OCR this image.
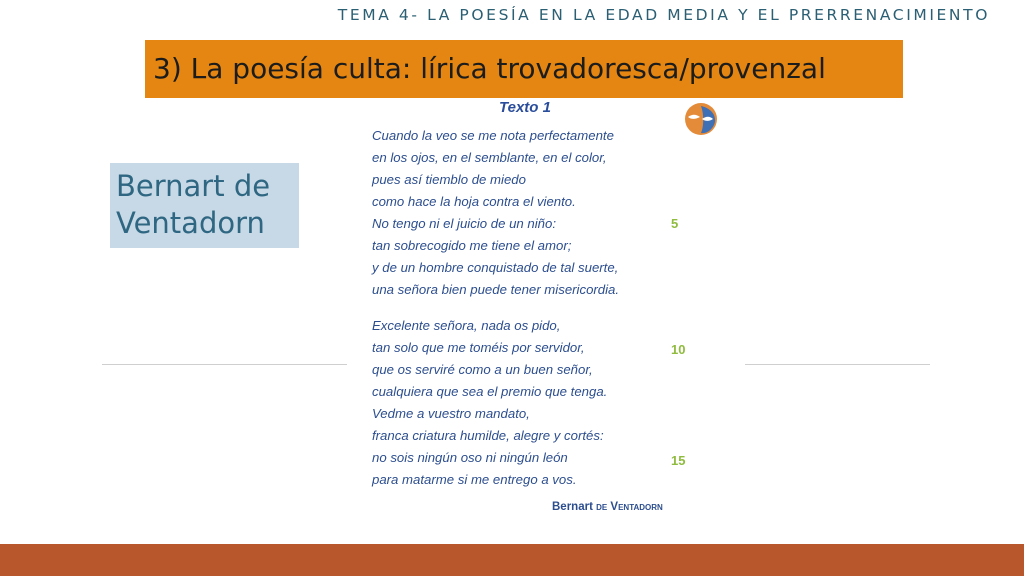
TEMA 4- LA POESÍA EN LA EDAD MEDIA Y EL PRERRENACIMIENTO
3) La poesía culta: lírica trovadoresca/provenzal
Bernart de
Ventadorn
Texto 1
Cuando la veo se me nota perfectamente
en los ojos, en el semblante, en el color,
pues así tiemblo de miedo
como hace la hoja contra el viento.
No tengo ni el juicio de un niño:
tan sobrecogido me tiene el amor;
y de un hombre conquistado de tal suerte,
una señora bien puede tener misericordia.
Excelente señora, nada os pido,
tan solo que me toméis por servidor,
que os serviré como a un buen señor,
cualquiera que sea el premio que tenga.
Vedme a vuestro mandato,
franca criatura humilde, alegre y cortés:
no sois ningún oso ni ningún león
para matarme si me entrego a vos.
5
10
15
Bernart de Ventadorn
